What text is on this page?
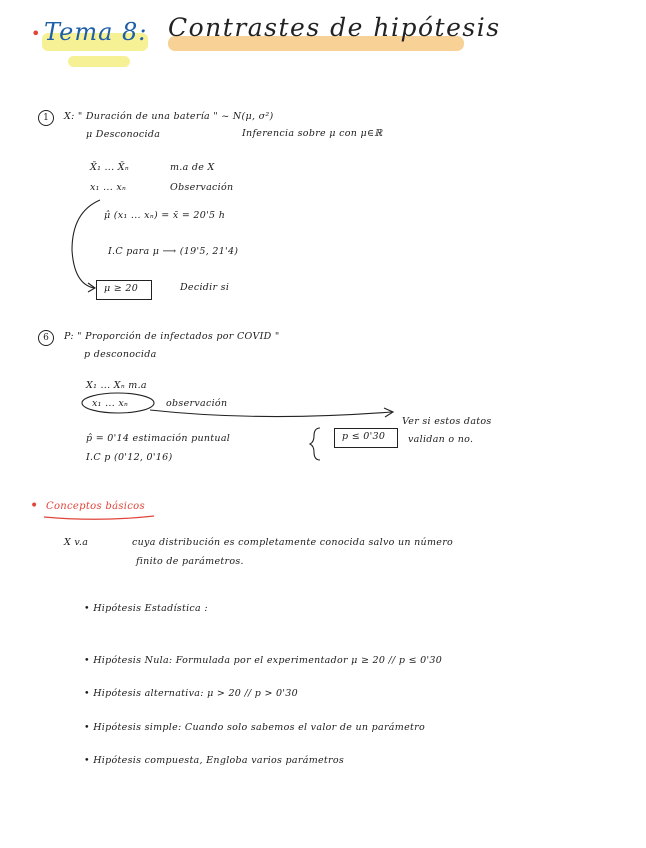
• Tema 8: Contrastes de hipótesis
1	X: " Duración de una batería " ~ N(μ, σ²)
μ Desconocida	Inferencia sobre μ con μ∈ℝ
X̄₁ ... X̄ₙ	m.a de X
x₁ ... xₙ	Observación
μ̂ (x₁ ... xₙ) = x̄ = 20'5 h
I.C para μ ⟶ (19'5, 21'4)
μ ≥ 20	Decidir si
6	P: " Proporción de infectados por COVID "
p desconocida
X₁ ... Xₙ m.a
x₁ ... xₙ	observación
Ver si estos datos
p̂ = 0'14 estimación puntual	p ≤ 0'30 validan o no.
I.C p (0'12, 0'16)
• Conceptos básicos
X v.a	cuya distribución es completamente conocida salvo un número
finito de parámetros.
• Hipótesis Estadística :
• Hipótesis Nula: Formulada por el experimentador μ ≥ 20 // p ≤ 0'30
• Hipótesis alternativa: μ > 20 // p > 0'30
• Hipótesis simple: Cuando solo sabemos el valor de un parámetro
• Hipótesis compuesta, Engloba varios parámetros
